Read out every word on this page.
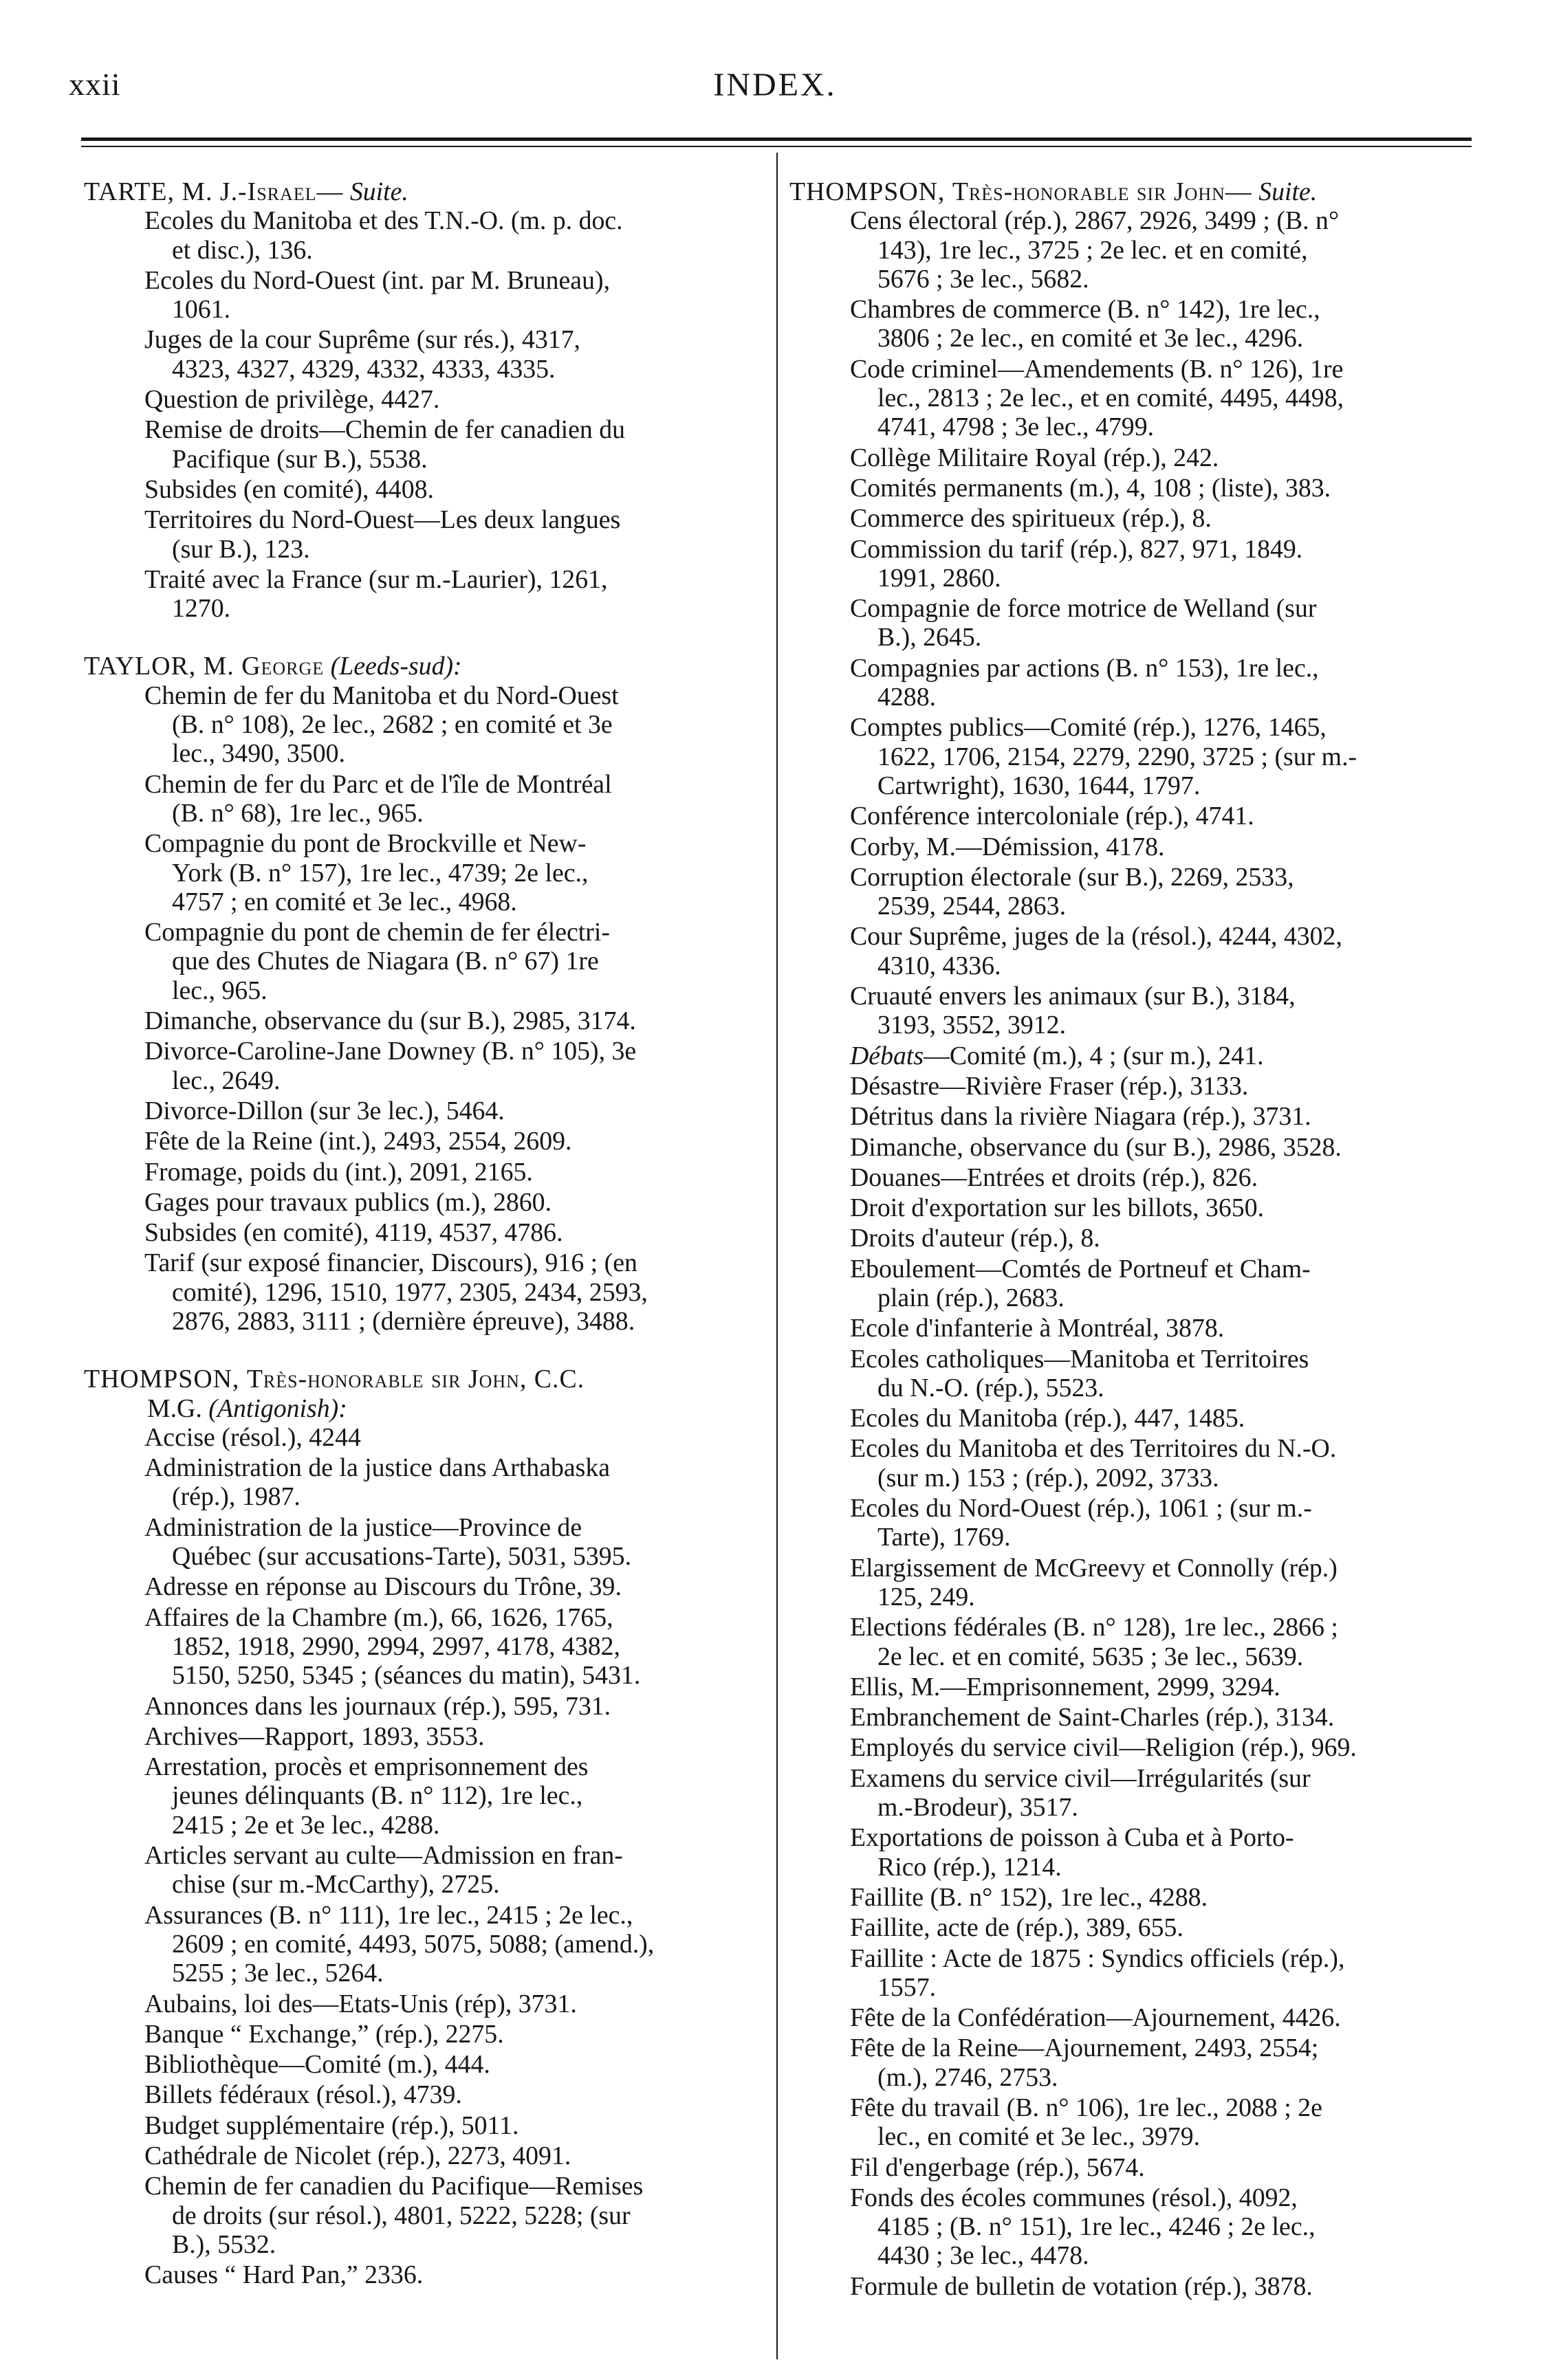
xxii	INDEX.
TARTE, M. J.-Israel— Suite.
Ecoles du Manitoba et des T.N.-O. (m. p. doc.
et disc.), 136.
Ecoles du Nord-Ouest (int. par M. Bruneau),
1061.
Juges de la cour Suprême (sur rés.), 4317,
4323, 4327, 4329, 4332, 4333, 4335.
Question de privilège, 4427.
Remise de droits—Chemin de fer canadien du
Pacifique (sur B.), 5538.
Subsides (en comité), 4408.
Territoires du Nord-Ouest—Les deux langues
(sur B.), 123.
Traité avec la France (sur m.-Laurier), 1261,
1270.
TAYLOR, M. George (Leeds-sud):
Chemin de fer du Manitoba et du Nord-Ouest
(B. n° 108), 2e lec., 2682 ; en comité et 3e
lec., 3490, 3500.
Chemin de fer du Parc et de l'île de Montréal
(B. n° 68), 1re lec., 965.
Compagnie du pont de Brockville et New-
York (B. n° 157), 1re lec., 4739; 2e lec.,
4757 ; en comité et 3e lec., 4968.
Compagnie du pont de chemin de fer électri-
que des Chutes de Niagara (B. n° 67) 1re
lec., 965.
Dimanche, observance du (sur B.), 2985, 3174.
Divorce-Caroline-Jane Downey (B. n° 105), 3e
lec., 2649.
Divorce-Dillon (sur 3e lec.), 5464.
Fête de la Reine (int.), 2493, 2554, 2609.
Fromage, poids du (int.), 2091, 2165.
Gages pour travaux publics (m.), 2860.
Subsides (en comité), 4119, 4537, 4786.
Tarif (sur exposé financier, Discours), 916 ; (en
comité), 1296, 1510, 1977, 2305, 2434, 2593,
2876, 2883, 3111 ; (dernière épreuve), 3488.
THOMPSON, Très-honorable sir John, C.C.
M.G. (Antigonish):
Accise (résol.), 4244
Administration de la justice dans Arthabaska
(rép.), 1987.
Administration de la justice—Province de
Québec (sur accusations-Tarte), 5031, 5395.
Adresse en réponse au Discours du Trône, 39.
Affaires de la Chambre (m.), 66, 1626, 1765,
1852, 1918, 2990, 2994, 2997, 4178, 4382,
5150, 5250, 5345 ; (séances du matin), 5431.
Annonces dans les journaux (rép.), 595, 731.
Archives—Rapport, 1893, 3553.
Arrestation, procès et emprisonnement des
jeunes délinquants (B. n° 112), 1re lec.,
2415 ; 2e et 3e lec., 4288.
Articles servant au culte—Admission en fran-
chise (sur m.-McCarthy), 2725.
Assurances (B. n° 111), 1re lec., 2415 ; 2e lec.,
2609 ; en comité, 4493, 5075, 5088; (amend.),
5255 ; 3e lec., 5264.
Aubains, loi des—Etats-Unis (rép), 3731.
Banque “ Exchange,” (rép.), 2275.
Bibliothèque—Comité (m.), 444.
Billets fédéraux (résol.), 4739.
Budget supplémentaire (rép.), 5011.
Cathédrale de Nicolet (rép.), 2273, 4091.
Chemin de fer canadien du Pacifique—Remises
de droits (sur résol.), 4801, 5222, 5228; (sur
B.), 5532.
Causes “ Hard Pan,” 2336.
THOMPSON, Très-honorable sir John— Suite.
Cens électoral (rép.), 2867, 2926, 3499 ; (B. n°
143), 1re lec., 3725 ; 2e lec. et en comité,
5676 ; 3e lec., 5682.
Chambres de commerce (B. n° 142), 1re lec.,
3806 ; 2e lec., en comité et 3e lec., 4296.
Code criminel—Amendements (B. n° 126), 1re
lec., 2813 ; 2e lec., et en comité, 4495, 4498,
4741, 4798 ; 3e lec., 4799.
Collège Militaire Royal (rép.), 242.
Comités permanents (m.), 4, 108 ; (liste), 383.
Commerce des spiritueux (rép.), 8.
Commission du tarif (rép.), 827, 971, 1849.
1991, 2860.
Compagnie de force motrice de Welland (sur
B.), 2645.
Compagnies par actions (B. n° 153), 1re lec.,
4288.
Comptes publics—Comité (rép.), 1276, 1465,
1622, 1706, 2154, 2279, 2290, 3725 ; (sur m.-
Cartwright), 1630, 1644, 1797.
Conférence intercoloniale (rép.), 4741.
Corby, M.—Démission, 4178.
Corruption électorale (sur B.), 2269, 2533,
2539, 2544, 2863.
Cour Suprême, juges de la (résol.), 4244, 4302,
4310, 4336.
Cruauté envers les animaux (sur B.), 3184,
3193, 3552, 3912.
Débats—Comité (m.), 4 ; (sur m.), 241.
Désastre—Rivière Fraser (rép.), 3133.
Détritus dans la rivière Niagara (rép.), 3731.
Dimanche, observance du (sur B.), 2986, 3528.
Douanes—Entrées et droits (rép.), 826.
Droit d'exportation sur les billots, 3650.
Droits d'auteur (rép.), 8.
Eboulement—Comtés de Portneuf et Cham-
plain (rép.), 2683.
Ecole d'infanterie à Montréal, 3878.
Ecoles catholiques—Manitoba et Territoires
du N.-O. (rép.), 5523.
Ecoles du Manitoba (rép.), 447, 1485.
Ecoles du Manitoba et des Territoires du N.-O.
(sur m.) 153 ; (rép.), 2092, 3733.
Ecoles du Nord-Ouest (rép.), 1061 ; (sur m.-
Tarte), 1769.
Elargissement de McGreevy et Connolly (rép.)
125, 249.
Elections fédérales (B. n° 128), 1re lec., 2866 ;
2e lec. et en comité, 5635 ; 3e lec., 5639.
Ellis, M.—Emprisonnement, 2999, 3294.
Embranchement de Saint-Charles (rép.), 3134.
Employés du service civil—Religion (rép.), 969.
Examens du service civil—Irrégularités (sur
m.-Brodeur), 3517.
Exportations de poisson à Cuba et à Porto-
Rico (rép.), 1214.
Faillite (B. n° 152), 1re lec., 4288.
Faillite, acte de (rép.), 389, 655.
Faillite : Acte de 1875 : Syndics officiels (rép.),
1557.
Fête de la Confédération—Ajournement, 4426.
Fête de la Reine—Ajournement, 2493, 2554;
(m.), 2746, 2753.
Fête du travail (B. n° 106), 1re lec., 2088 ; 2e
lec., en comité et 3e lec., 3979.
Fil d'engerbage (rép.), 5674.
Fonds des écoles communes (résol.), 4092,
4185 ; (B. n° 151), 1re lec., 4246 ; 2e lec.,
4430 ; 3e lec., 4478.
Formule de bulletin de votation (rép.), 3878.
